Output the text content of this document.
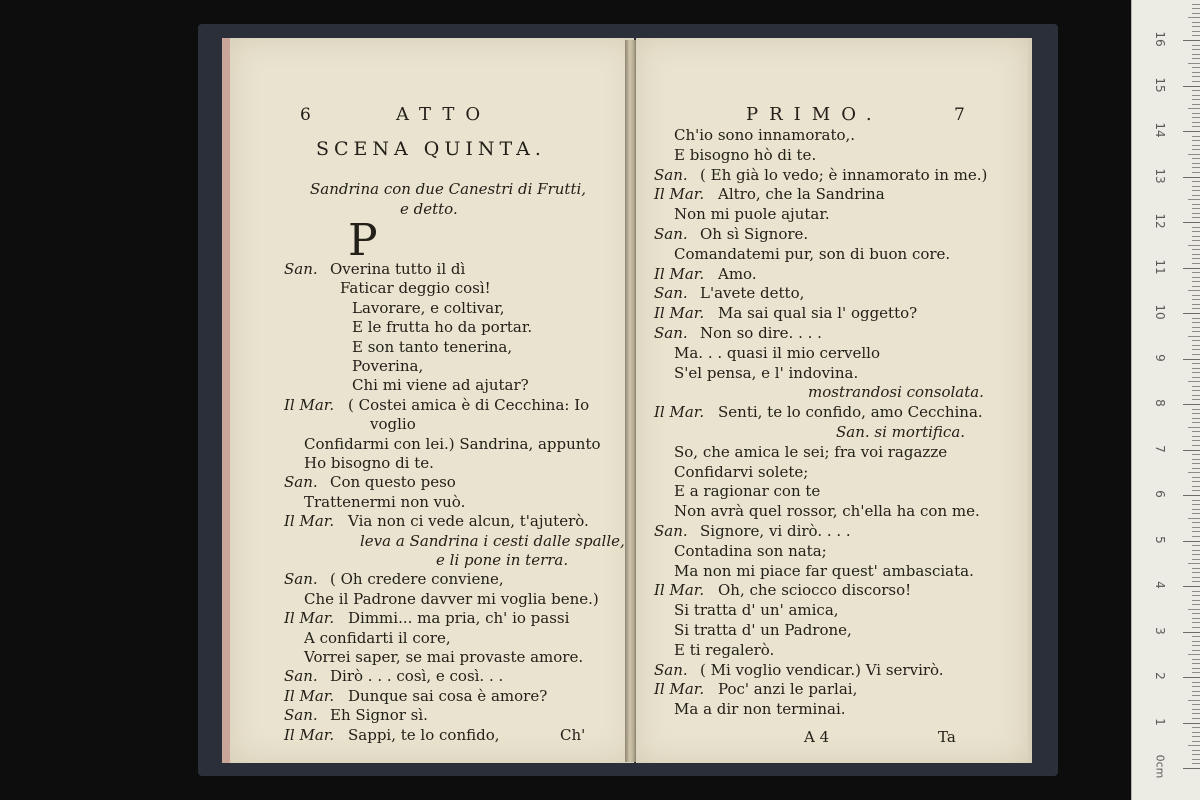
6	ATTO
SCENA QUINTA.
Sandrina con due Canestri di Frutti,
e detto.
P
San. Overina tutto il dì
Faticar deggio così!
Lavorare, e coltivar,
E le frutta ho da portar.
E son tanto tenerina,
Poverina,
Chi mi viene ad ajutar?
Il Mar. ( Costei amica è di Cecchina: Io
voglio
Confidarmi con lei.) Sandrina, appunto
Ho bisogno di te.
San. Con questo peso
Trattenermi non vuò.
Il Mar. Via non ci vede alcun, t'ajuterò.
leva a Sandrina i cesti dalle spalle,
e li pone in terra.
San. ( Oh credere conviene,
Che il Padrone davver mi voglia bene.)
Il Mar. Dimmi... ma pria, ch' io passi
A confidarti il core,
Vorrei saper, se mai provaste amore.
San. Dirò . . . così, e così. . .
Il Mar. Dunque sai cosa è amore?
San. Eh Signor sì.
Il Mar. Sappi, te lo confido,	Ch'
PRIMO.	7
Ch'io sono innamorato,.
E bisogno hò di te.
San. ( Eh già lo vedo; è innamorato in me.)
Il Mar. Altro, che la Sandrina
Non mi puole ajutar.
San. Oh sì Signore.
Comandatemi pur, son di buon core.
Il Mar. Amo.
San. L'avete detto,
Il Mar. Ma sai qual sia l' oggetto?
San. Non so dire. . . .
Ma. . . quasi il mio cervello
S'el pensa, e l' indovina.
mostrandosi consolata.
Il Mar. Senti, te lo confido, amo Cecchina.
San. si mortifica.
So, che amica le sei; fra voi ragazze
Confidarvi solete;
E a ragionar con te
Non avrà quel rossor, ch'ella ha con me.
San. Signore, vi dirò. . . .
Contadina son nata;
Ma non mi piace far quest' ambasciata.
Il Mar. Oh, che sciocco discorso!
Si tratta d' un' amica,
Si tratta d' un Padrone,
E ti regalerò.
San. ( Mi voglio vendicar.) Vi servirò.
Il Mar. Poc' anzi le parlai,
Ma a dir non terminai.
A 4	Ta
0cm
1
2
3
4
5
6
7
8
9
10
11
12
13
14
15
16
